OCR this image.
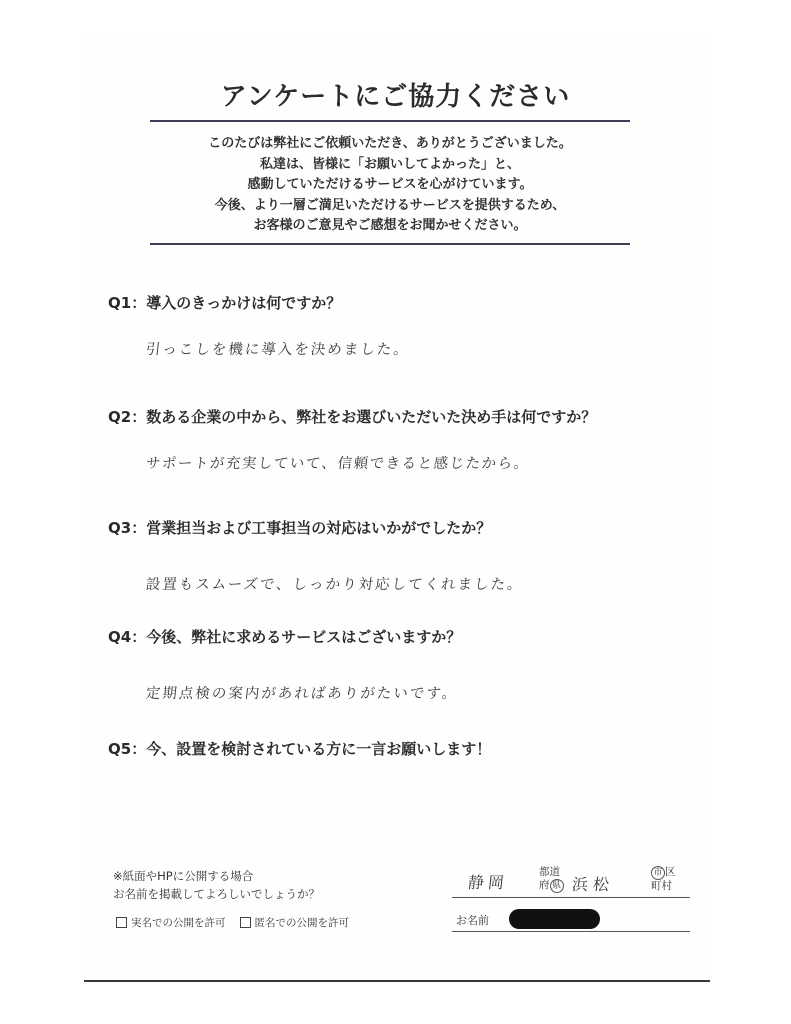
アンケートにご協力ください
このたびは弊社にご依頼いただき、ありがとうございました。
私達は、皆様に「お願いしてよかった」と、
感動していただけるサービスを心がけています。
今後、より一層ご満足いただけるサービスを提供するため、
お客様のご意見やご感想をお聞かせください。
Q1：導入のきっかけは何ですか？
引っこしを機に導入を決めました。
Q2：数ある企業の中から、弊社をお選びいただいた決め手は何ですか？
サポートが充実していて、信頼できると感じたから。
Q3：営業担当および工事担当の対応はいかがでしたか？
設置もスムーズで、しっかり対応してくれました。
Q4：今後、弊社に求めるサービスはございますか？
定期点検の案内があればありがたいです。
Q5：今、設置を検討されている方に一言お願いします！
※紙面やHPに公開する場合
お名前を掲載してよろしいでしょうか？
実名での公開を許可	匿名での公開を許可
静岡
都道
府 県 浜松
市 区
町村
お名前
